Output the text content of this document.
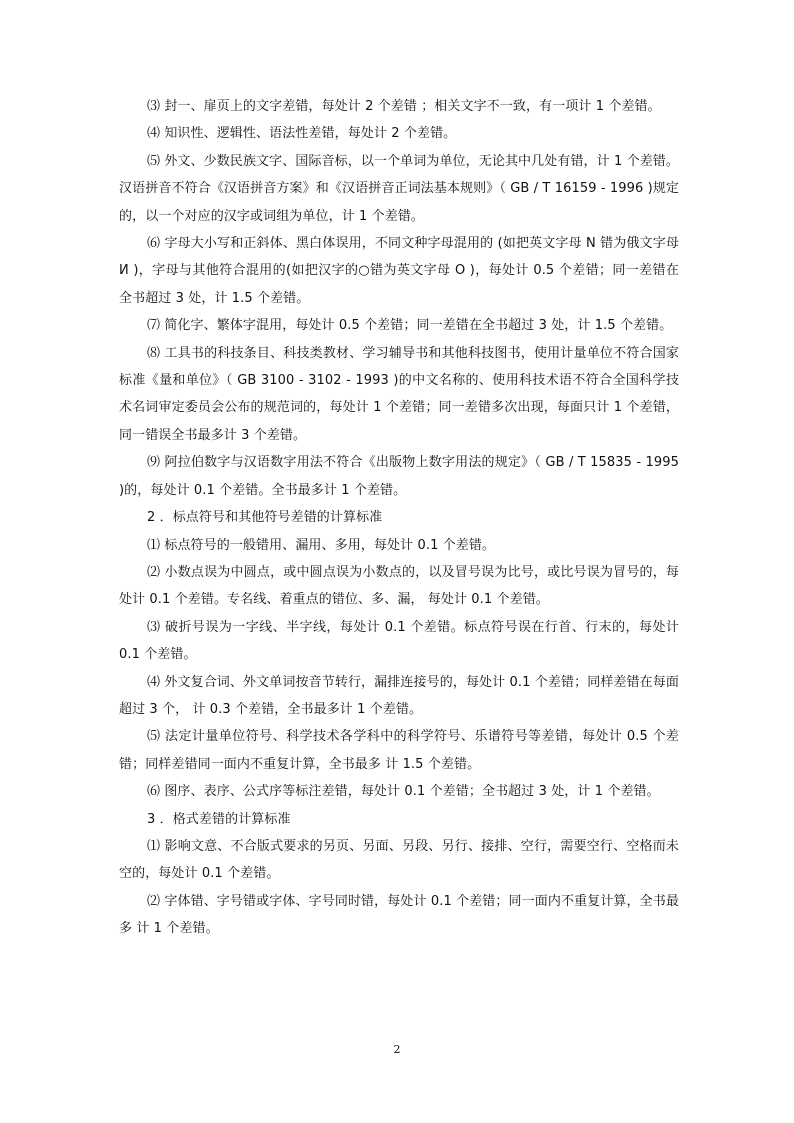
⑶ 封一、扉页上的文字差错，每处计 2 个差错 ；相关文字不一致，有一项计 1 个差错。

⑷ 知识性、逻辑性、语法性差错，每处计 2 个差错。

⑸ 外文、少数民族文字、国际音标，以一个单词为单位，无论其中几处有错，计 1 个差错。汉语拼音不符合《汉语拼音方案》和《汉语拼音正词法基本规则》（ GB / T 16159 - 1996 )规定的，以一个对应的汉字或词组为单位，计 1 个差错。

⑹ 字母大小写和正斜体、黑白体误用，不同文种字母混用的 (如把英文字母 N 错为俄文字母 И )，字母与其他符合混用的(如把汉字的○错为英文字母 O )，每处计 0.5 个差错；同一差错在全书超过 3 处，计 1.5 个差错。

⑺ 简化字、繁体字混用，每处计 0.5 个差错；同一差错在全书超过 3 处，计 1.5 个差错。

⑻ 工具书的科技条目、科技类教材、学习辅导书和其他科技图书，使用计量单位不符合国家标准《量和单位》（ GB 3100 - 3102 - 1993 )的中文名称的、使用科技术语不符合全国科学技术名词审定委员会公布的规范词的，每处计 1 个差错；同一差错多次出现，每面只计 1 个差错，同一错误全书最多计 3 个差错。

⑼ 阿拉伯数字与汉语数字用法不符合《出版物上数字用法的规定》（ GB / T 15835 - 1995 )的，每处计 0.1 个差错。全书最多计 1 个差错。

2 ．标点符号和其他符号差错的计算标准

⑴ 标点符号的一般错用、漏用、多用，每处计 0.1 个差错。

⑵ 小数点误为中圆点，或中圆点误为小数点的，以及冒号误为比号，或比号误为冒号的，每处计 0.1 个差错。专名线、着重点的错位、多、漏， 每处计 0.1 个差错。

⑶ 破折号误为一字线、半字线，每处计 0.1 个差错。标点符号误在行首、行末的，每处计 0.1 个差错。

⑷ 外文复合词、外文单词按音节转行，漏排连接号的，每处计 0.1 个差错；同样差错在每面超过 3 个， 计 0.3 个差错，全书最多计 1 个差错。

⑸ 法定计量单位符号、科学技术各学科中的科学符号、乐谱符号等差错，每处计 0.5 个差错；同样差错同一面内不重复计算，全书最多 计 1.5 个差错。

⑹ 图序、表序、公式序等标注差错，每处计 0.1 个差错；全书超过 3 处，计 1 个差错。

3 ．格式差错的计算标准

⑴ 影响文意、不合版式要求的另页、另面、另段、另行、接排、空行，需要空行、空格而未空的，每处计 0.1 个差错。

⑵ 字体错、字号错或字体、字号同时错，每处计 0.1 个差错；同一面内不重复计算，全书最多 计 1 个差错。

2
